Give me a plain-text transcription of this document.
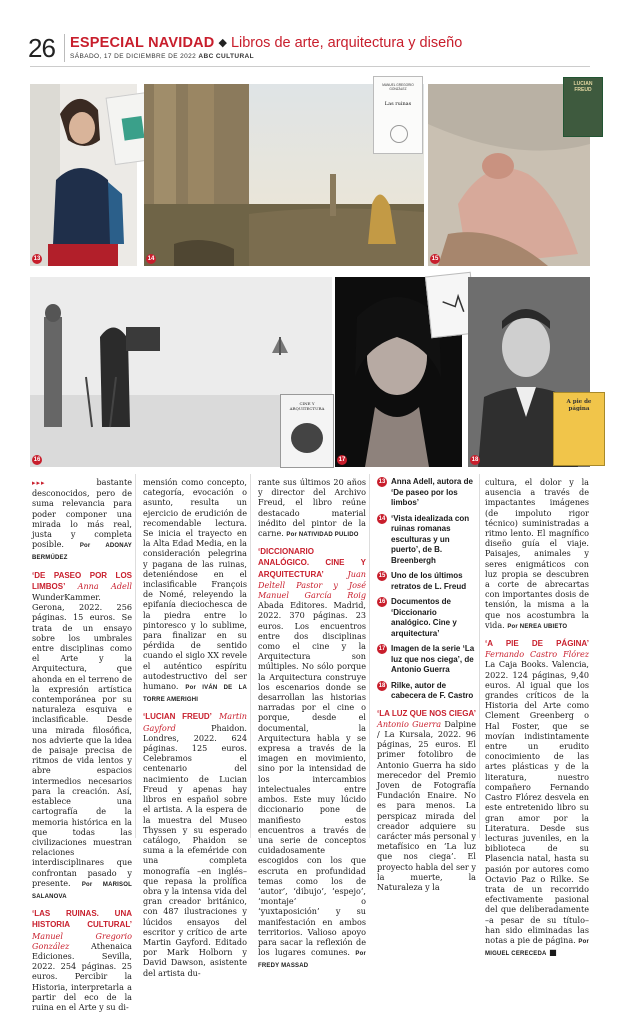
26 ESPECIAL NAVIDAD ◆ Libros de arte, arquitectura y diseño
SÁBADO, 17 DE DICIEMBRE DE 2022 ABC CULTURAL
13	14
MANUEL GREGORIO GONZÁLEZ
Las ruinas
15
LUCIAN FREUD
16
CINE Y ARQUITECTURA
17	18
A pie de página

▸▸▸	bastante desconocidos, pero de suma relevancia para poder componer una mirada lo más real, justa y completa posible.	Por ADONAY BERMÚDEZ

‘DE PASEO POR LOS LIMBOS’ Anna Adell WunderKammer. Gerona, 2022. 256 páginas. 15 euros. Se trata de un ensayo sobre los umbrales entre disciplinas como el Arte y la Arquitectura, que ahonda en el terreno de la expresión artística contemporánea por su naturaleza esquiva e inclasificable. Desde una mirada filosófica, nos advierte que la idea de paisaje precisa de ritmos de vida lentos y abre espacios intermedios necesarios para la creación. Así, establece una cartografía de la memoria histórica en la que todas las civilizaciones muestran relaciones interdisciplinares que confrontan pasado y presente. Por MARISOL SALANOVA

‘LAS RUINAS. UNA HISTORIA CULTURAL’ Manuel Gregorio González	Athenaica Ediciones. Sevilla, 2022. 254 páginas. 25 euros. Percibir la Historia, interpretarla a partir del eco de la ruina en el Arte y su di-

mensión como concepto, categoría, evocación o asunto, resulta un ejercicio de erudición de recomendable lectura. Se inicia el trayecto en la Alta Edad Media, en la consideración pelegrina y pagana de las ruinas, deteniéndose en el inclasificable François de Nomé, releyendo la epifanía dieciochesca de la piedra entre lo pintoresco y lo sublime, para finalizar en su pérdida de sentido cuando el siglo XX revele el auténtico espíritu autodestructivo del ser humano. Por IVÁN DE LA TORRE AMERIGHI

‘LUCIAN FREUD’ Martin Gayford	Phaidon. Londres, 2022. 624 páginas. 125 euros. Celebramos el centenario del nacimiento de Lucian Freud y apenas hay libros en español sobre el artista. A la espera de la muestra del Museo Thyssen y su esperado catálogo, Phaidon se suma a la efeméride con una completa monografía –en inglés– que repasa la prolífica obra y la intensa vida del gran creador británico, con 487 ilustraciones y lúcidos ensayos del escritor y crítico de arte Martin Gayford. Editado por Mark Holborn y David Dawson, asistente del artista du-

rante sus últimos 20 años y director del Archivo Freud, el libro reúne destacado material inédito del pintor de la carne. Por NATIVIDAD PULIDO

‘DICCIONARIO ANALÓGICO. CINE Y ARQUITECTURA’	Juan Deltell Pastor y José Manuel García Roig Abada Editores. Madrid, 2022. 370 páginas. 23 euros. Los encuentros entre dos disciplinas como el cine y la Arquitectura son múltiples. No sólo porque la Arquitectura construye los escenarios donde se desarrollan las historias narradas por el cine o porque, desde el documental, la Arquitectura habla y se expresa a través de la imagen en movimiento, sino por la intensidad de los intercambios intelectuales entre ambos. Este muy lúcido diccionario pone de manifiesto estos encuentros a través de una serie de conceptos cuidadosamente escogidos con los que escruta en profundidad temas como los de ‘autor’, ‘dibujo’, ‘espejo’, ‘montaje’ o ‘yuxtaposición’ y su manifestación en ambos territorios. Valioso apoyo para sacar la reflexión de los lugares comunes. Por FREDY MASSAD

13 Anna Adell, autora de ‘De paseo por los limbos’
14 ‘Vista idealizada con ruinas romanas esculturas y un puerto’, de B. Breenbergh
15 Uno de los últimos retratos de L. Freud
16 Documentos de ‘Diccionario analógico. Cine y arquitectura’
17 Imagen de la serie ‘La luz que nos ciega’, de Antonio Guerra
18 Rilke, autor de cabecera de F. Castro

‘LA LUZ QUE NOS CIEGA’ Antonio Guerra Dalpine / La Kursala, 2022. 96 páginas, 25 euros. El primer fotolibro de Antonio Guerra ha sido merecedor del Premio Joven de Fotografía Fundación Enaire. No es para menos. La perspicaz mirada del creador adquiere su carácter más personal y metafísico en ‘La luz que nos ciega’. El proyecto habla del ser y la muerte, la Naturaleza y la

cultura, el dolor y la ausencia a través de impactantes imágenes (de impoluto rigor técnico) suministradas a ritmo lento. El magnífico diseño guía el viaje. Paisajes, animales y seres enigmáticos con luz propia se descubren a corte de abrecartas con importantes dosis de tensión, la misma a la que nos acostumbra la vida. Por NEREA UBIETO

‘A PIE DE PÁGINA’ Fernando Castro Flórez La Caja Books. Valencia, 2022. 124 páginas, 9,40 euros. Al igual que los grandes críticos de la Historia del Arte como Clement Greenberg o Hal Foster, que se movían indistintamente entre un erudito conocimiento de las artes plásticas y de la literatura, nuestro compañero Fernando Castro Flórez desvela en este entretenido libro su gran amor por la Literatura. Desde sus lecturas juveniles, en la biblioteca de su Plasencia natal, hasta su pasión por autores como Octavio Paz o Rilke. Se trata de un recorrido efectivamente pasional del que deliberadamente –a pesar de su título– han sido eliminadas las notas a pie de página. Por MIGUEL CERECEDA ■
